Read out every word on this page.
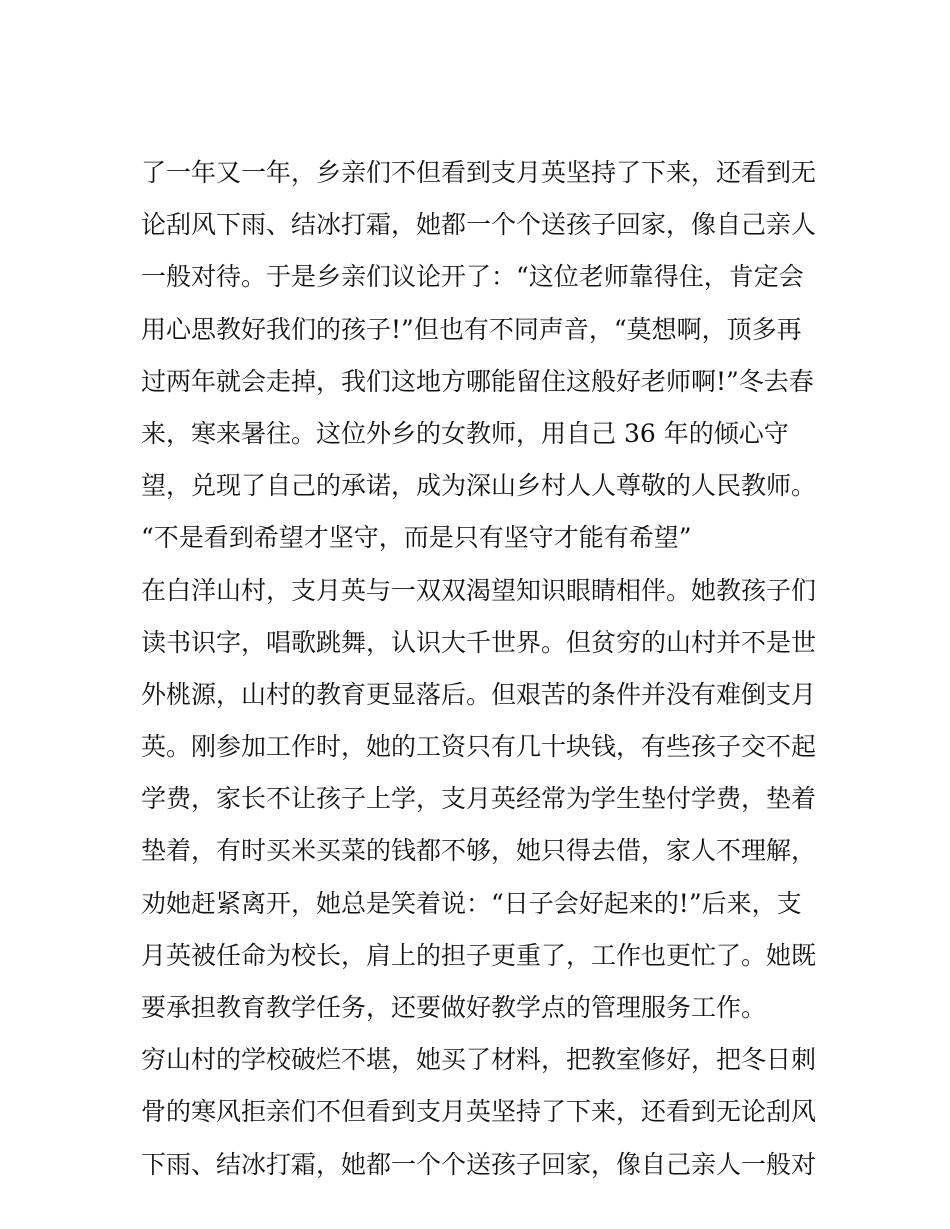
了一年又一年，乡亲们不但看到支月英坚持了下来，还看到无
论刮风下雨、结冰打霜，她都一个个送孩子回家，像自己亲人
一般对待。于是乡亲们议论开了：“这位老师靠得住，肯定会
用心思教好我们的孩子!”但也有不同声音，“莫想啊，顶多再
过两年就会走掉，我们这地方哪能留住这般好老师啊!”冬去春
来，寒来暑往。这位外乡的女教师，用自己 36 年的倾心守
望，兑现了自己的承诺，成为深山乡村人人尊敬的人民教师。
“不是看到希望才坚守，而是只有坚守才能有希望”
在白洋山村，支月英与一双双渴望知识眼睛相伴。她教孩子们
读书识字，唱歌跳舞，认识大千世界。但贫穷的山村并不是世
外桃源，山村的教育更显落后。但艰苦的条件并没有难倒支月
英。刚参加工作时，她的工资只有几十块钱，有些孩子交不起
学费，家长不让孩子上学，支月英经常为学生垫付学费，垫着
垫着，有时买米买菜的钱都不够，她只得去借，家人不理解，
劝她赶紧离开，她总是笑着说：“日子会好起来的!”后来，支
月英被任命为校长，肩上的担子更重了，工作也更忙了。她既
要承担教育教学任务，还要做好教学点的管理服务工作。
穷山村的学校破烂不堪，她买了材料，把教室修好，把冬日刺
骨的寒风拒亲们不但看到支月英坚持了下来，还看到无论刮风
下雨、结冰打霜，她都一个个送孩子回家，像自己亲人一般对
